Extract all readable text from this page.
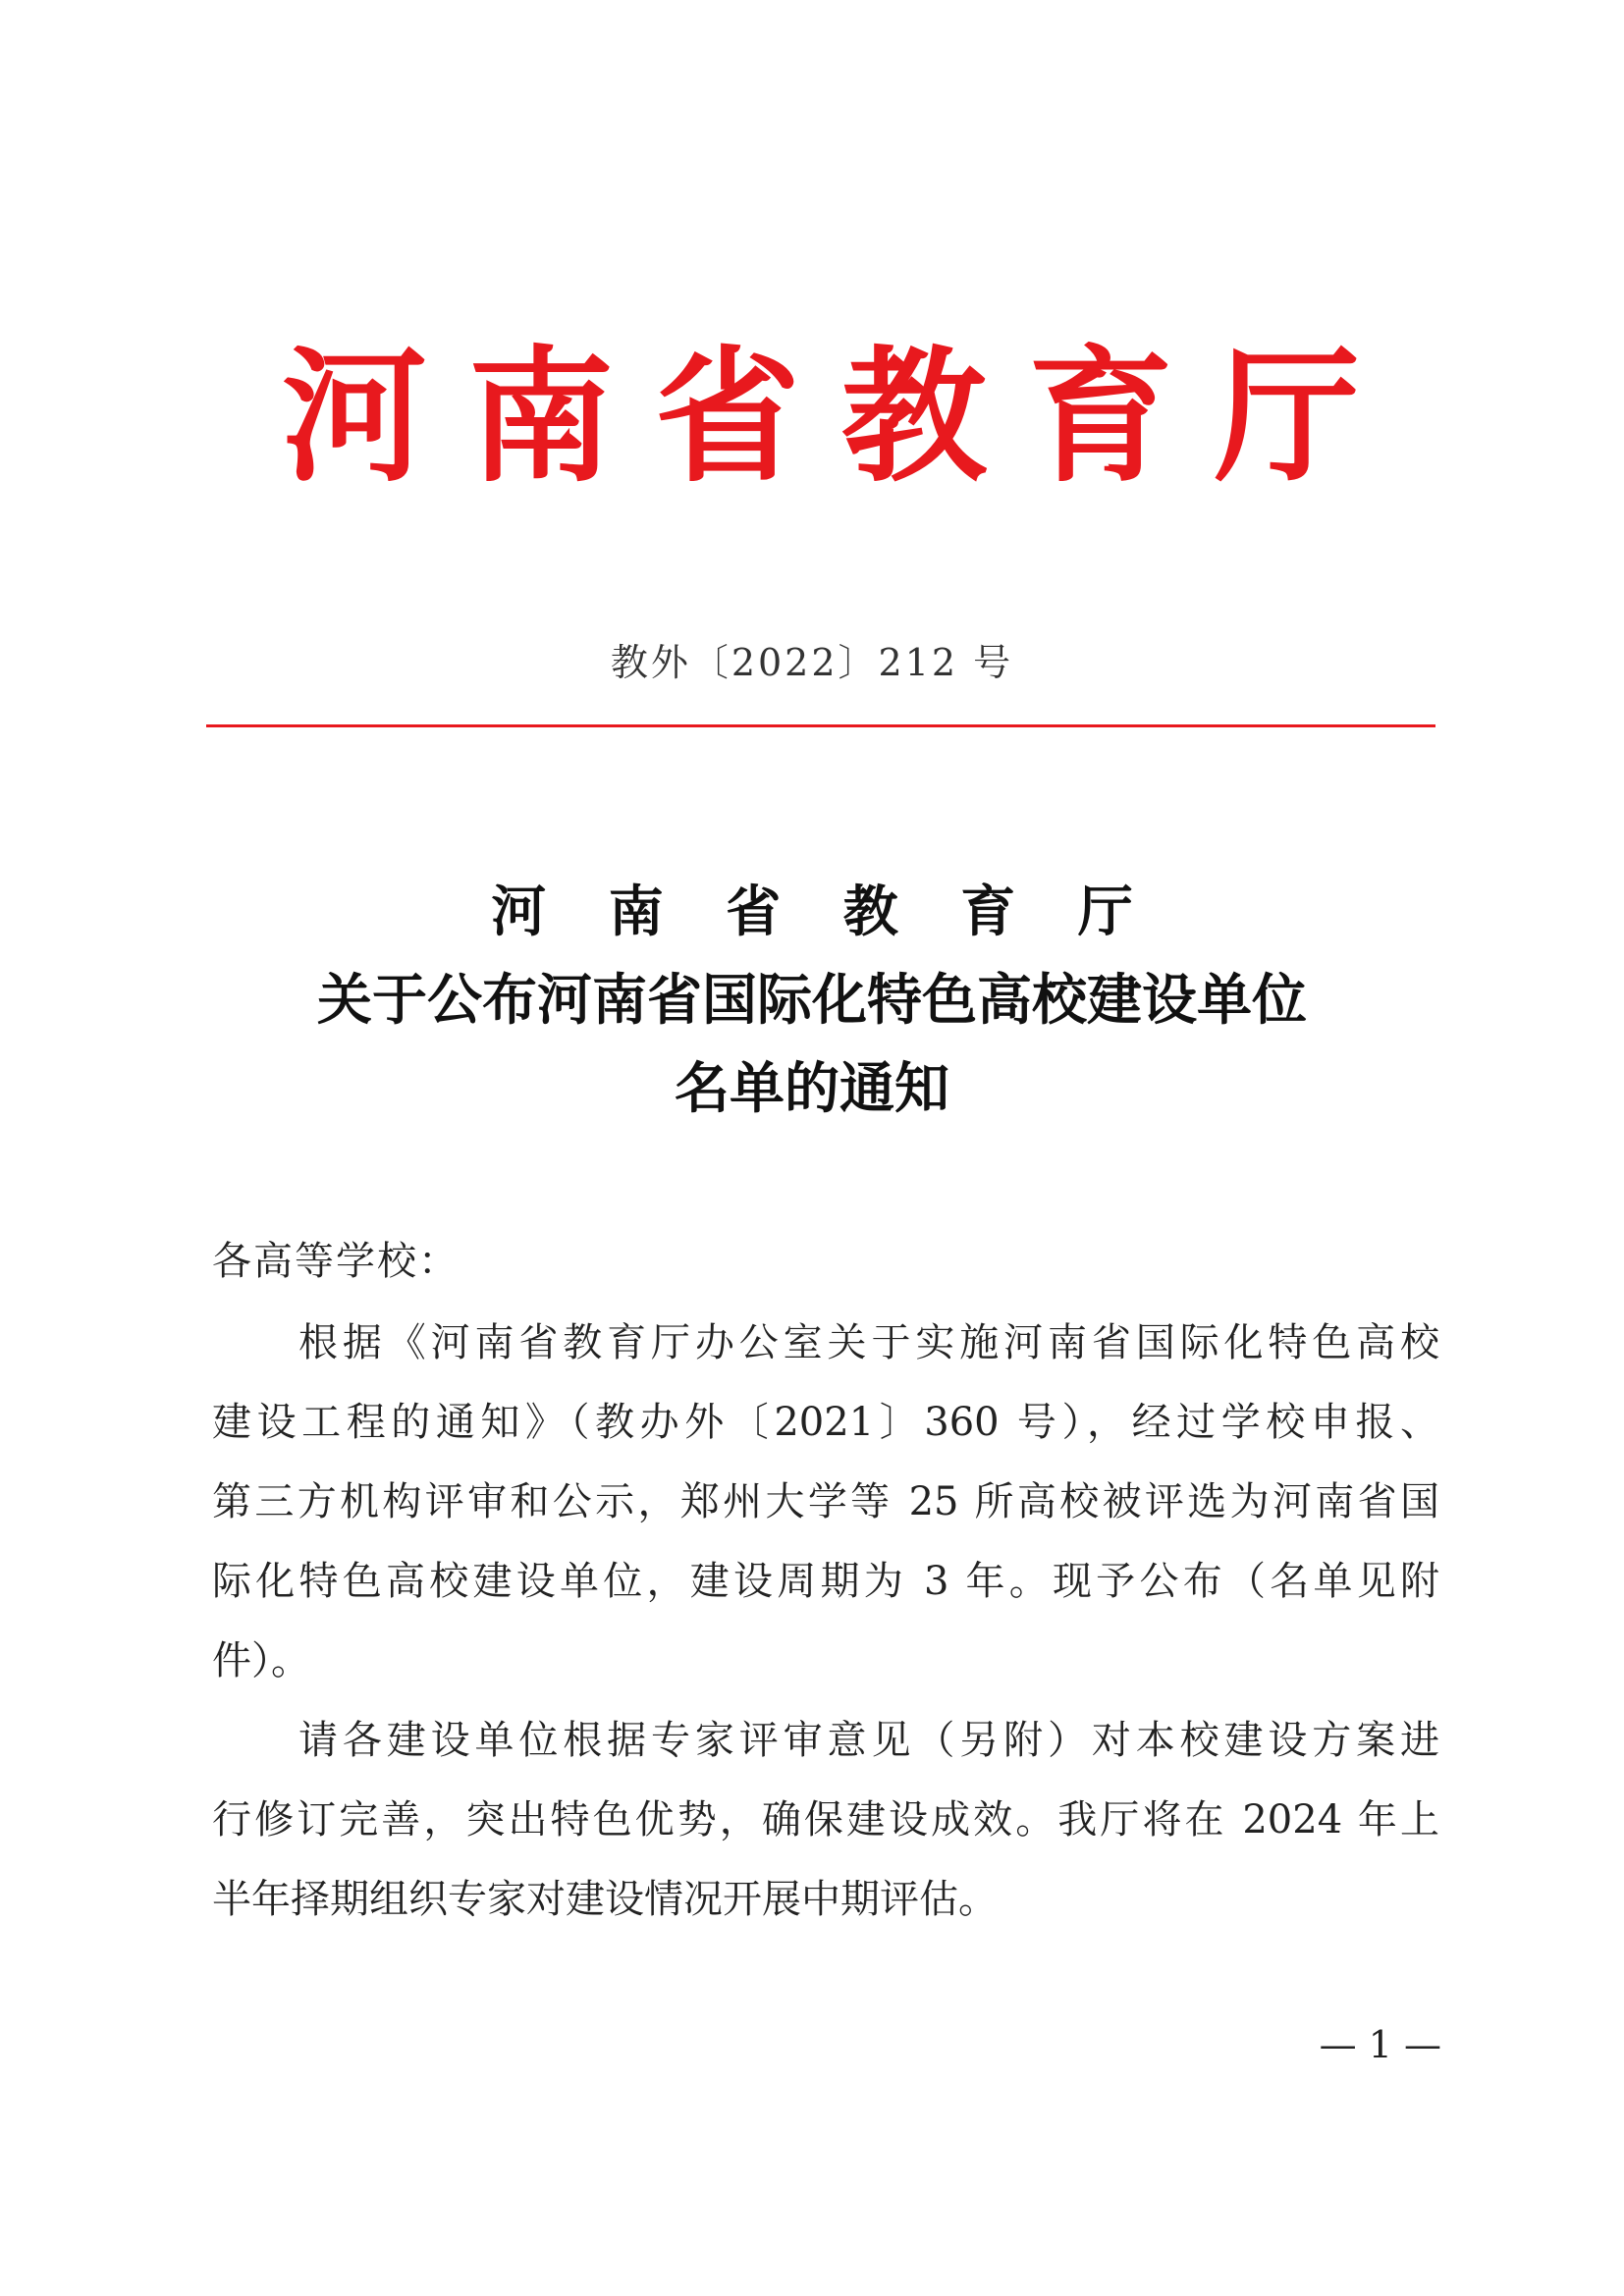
河南省教育厅
教外〔2022〕212 号
河 南 省 教 育 厅
关于公布河南省国际化特色高校建设单位
名单的通知
各高等学校：
根据《河南省教育厅办公室关于实施河南省国际化特色高校
建设工程的通知》（教办外〔2021〕360 号），经过学校申报、
第三方机构评审和公示，郑州大学等 25 所高校被评选为河南省国
际化特色高校建设单位，建设周期为 3 年。现予公布（名单见附
件）。
请各建设单位根据专家评审意见（另附）对本校建设方案进
行修订完善，突出特色优势，确保建设成效。我厅将在 2024 年上
半年择期组织专家对建设情况开展中期评估。
— 1 —
